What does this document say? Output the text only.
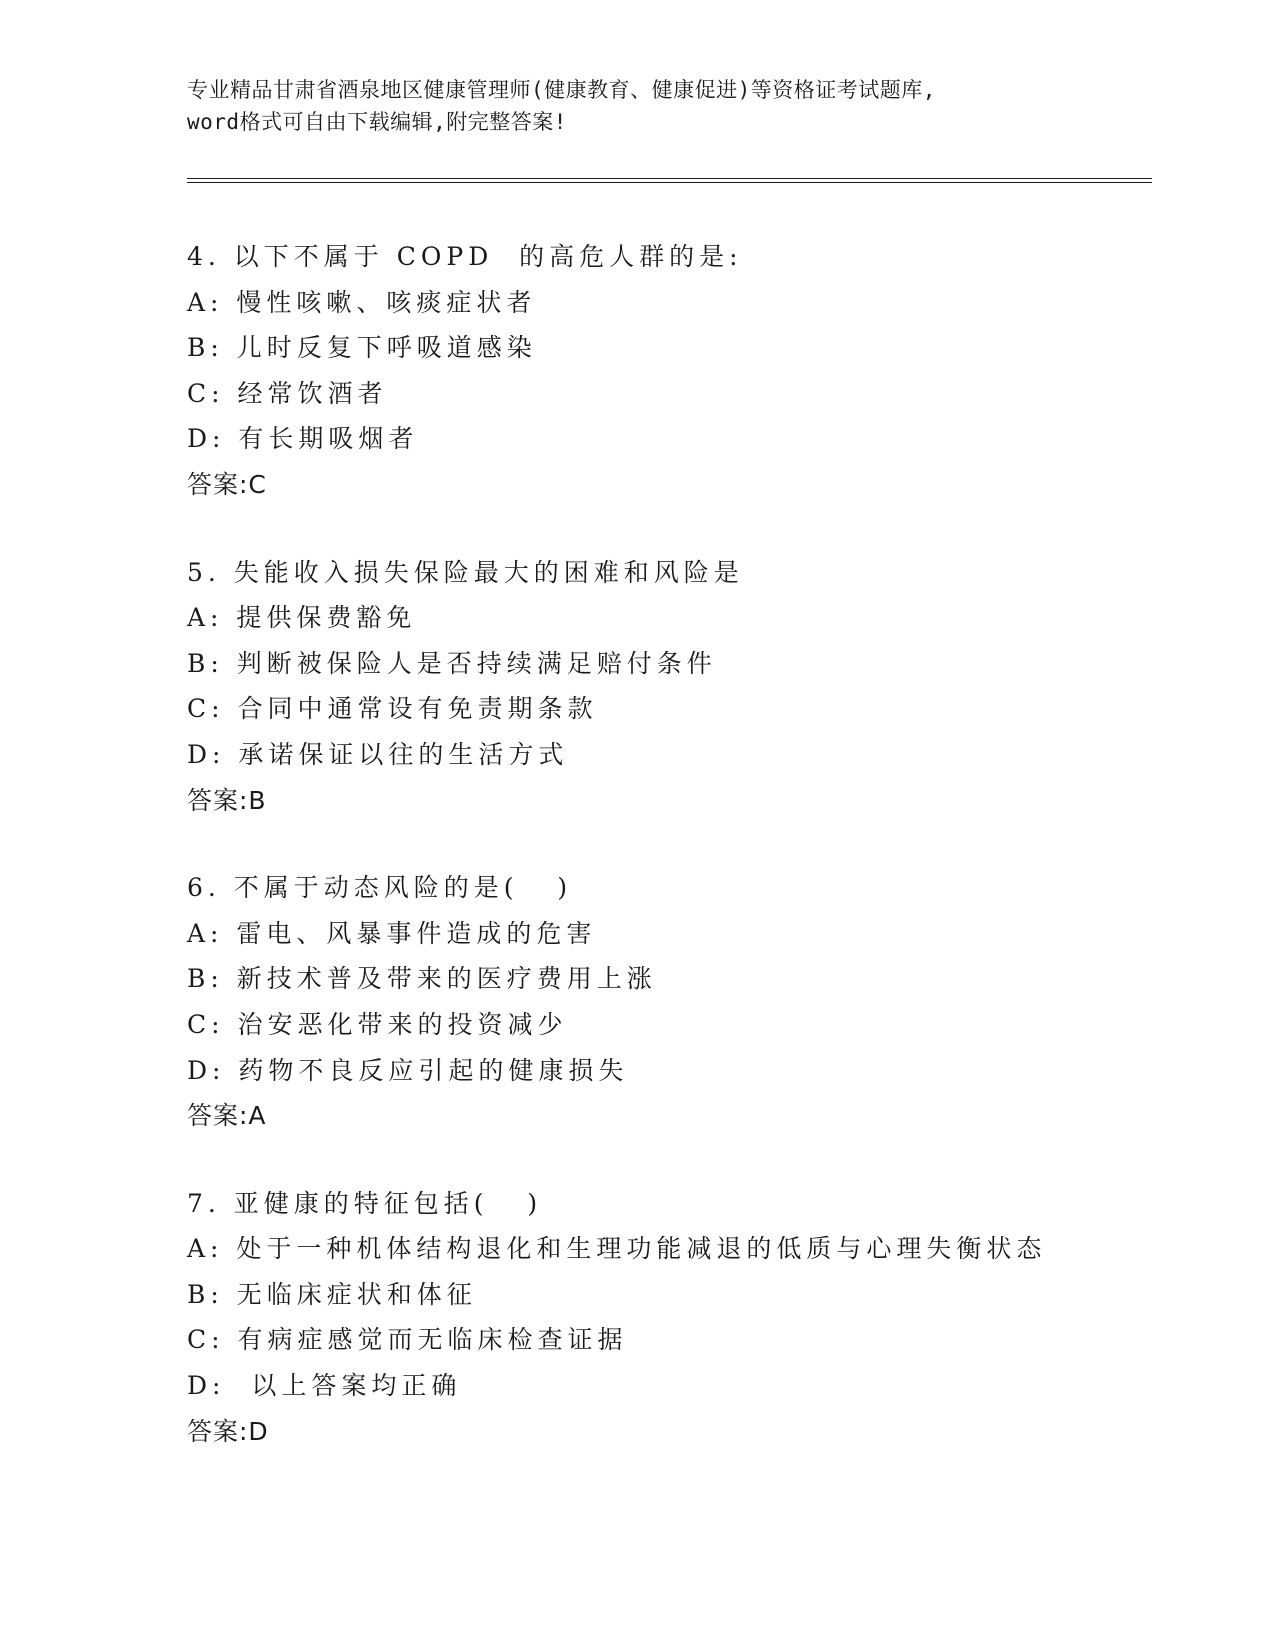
专业精品甘肃省酒泉地区健康管理师(健康教育、健康促进)等资格证考试题库,
word格式可自由下载编辑,附完整答案!
4. 以下不属于 COPD  的高危人群的是:
A: 慢性咳嗽、咳痰症状者
B: 儿时反复下呼吸道感染
C: 经常饮酒者
D: 有长期吸烟者
答案:C
5. 失能收入损失保险最大的困难和风险是
A: 提供保费豁免
B: 判断被保险人是否持续满足赔付条件
C: 合同中通常设有免责期条款
D: 承诺保证以往的生活方式
答案:B
6. 不属于动态风险的是(   )
A: 雷电、风暴事件造成的危害
B: 新技术普及带来的医疗费用上涨
C: 治安恶化带来的投资减少
D: 药物不良反应引起的健康损失
答案:A
7. 亚健康的特征包括(   )
A: 处于一种机体结构退化和生理功能减退的低质与心理失衡状态
B: 无临床症状和体征
C: 有病症感觉而无临床检查证据
D:  以上答案均正确
答案:D
